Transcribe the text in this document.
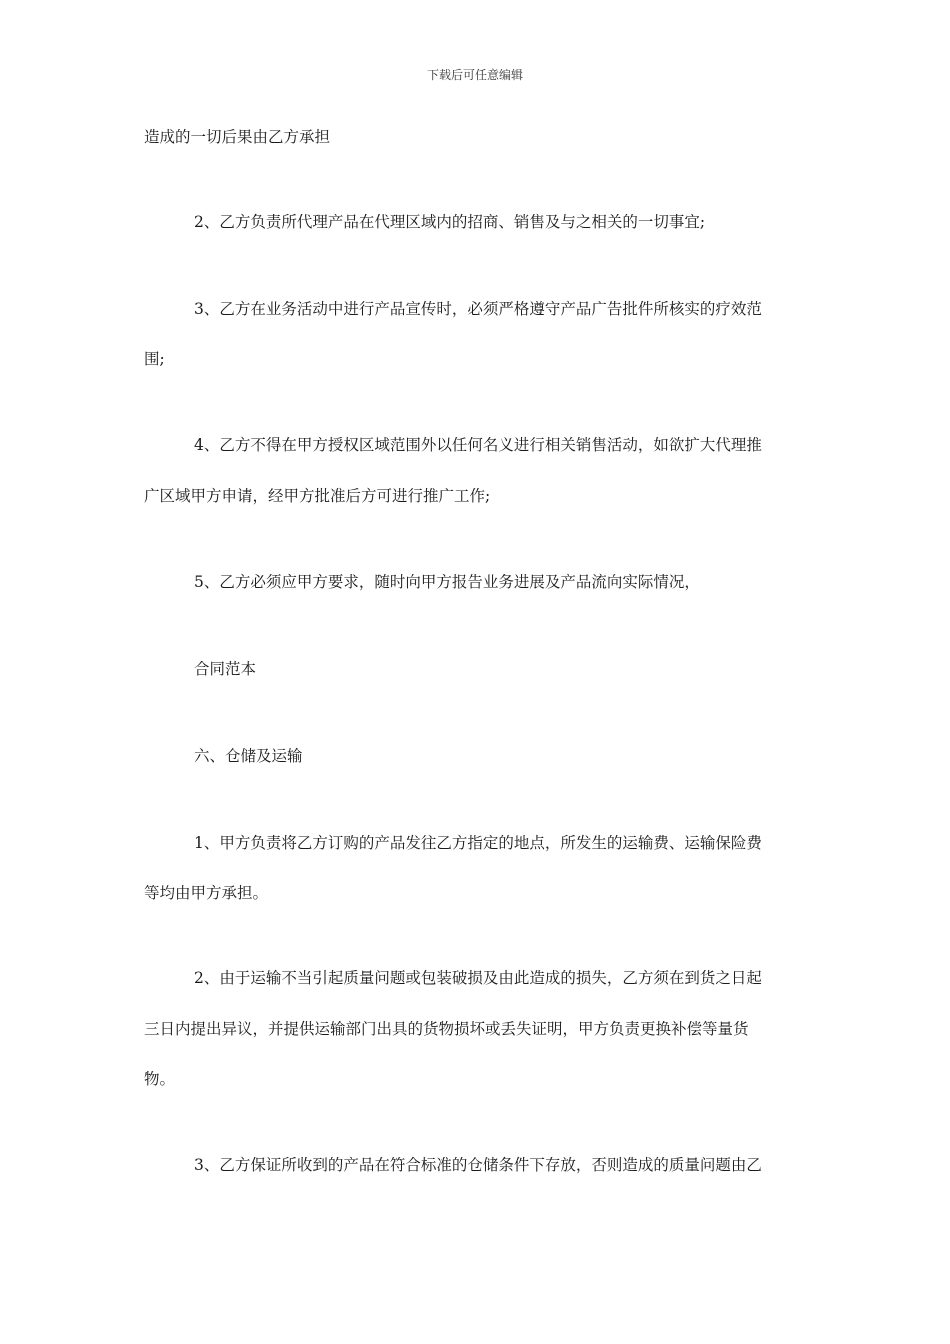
下载后可任意编辑
造成的一切后果由乙方承担
2、乙方负责所代理产品在代理区域内的招商、销售及与之相关的一切事宜;
3、乙方在业务活动中进行产品宣传时，必须严格遵守产品广告批件所核实的疗效范
围;
4、乙方不得在甲方授权区域范围外以任何名义进行相关销售活动，如欲扩大代理推
广区域甲方申请，经甲方批准后方可进行推广工作;
5、乙方必须应甲方要求，随时向甲方报告业务进展及产品流向实际情况，
合同范本
六、仓储及运输
1、甲方负责将乙方订购的产品发往乙方指定的地点，所发生的运输费、运输保险费
等均由甲方承担。
2、由于运输不当引起质量问题或包装破损及由此造成的损失，乙方须在到货之日起
三日内提出异议，并提供运输部门出具的货物损坏或丢失证明，甲方负责更换补偿等量货
物。
3、乙方保证所收到的产品在符合标准的仓储条件下存放，否则造成的质量问题由乙
